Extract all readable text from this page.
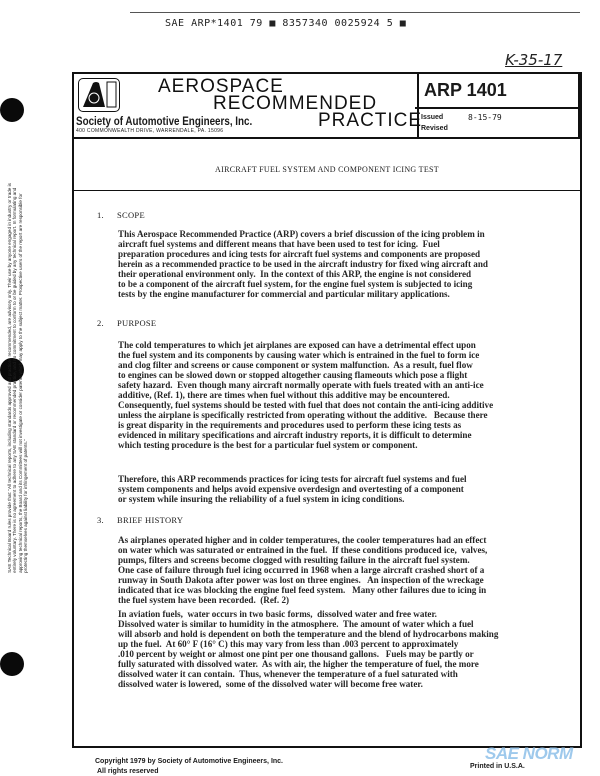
SAE ARP*1401 79 ■ 8357340 0025924 5 ■
K-35-17
AEROSPACE
RECOMMENDED
PRACTICE
Society of Automotive Engineers, Inc.
400 COMMONWEALTH DRIVE, WARRENDALE, PA. 15096
ARP 1401
Issued	8-15-79
Revised
AIRCRAFT FUEL SYSTEM AND COMPONENT ICING TEST
1. SCOPE
This Aerospace Recommended Practice (ARP) covers a brief discussion of the icing problem in
aircraft fuel systems and different means that have been used to test for icing.  Fuel
preparation procedures and icing tests for aircraft fuel systems and components are proposed
herein as a recommended practice to be used in the aircraft industry for fixed wing aircraft and
their operational environment only.  In the context of this ARP, the engine is not considered
to be a component of the aircraft fuel system, for the engine fuel system is subjected to icing
tests by the engine manufacturer for commercial and particular military applications.
2. PURPOSE
The cold temperatures to which jet airplanes are exposed can have a detrimental effect upon
the fuel system and its components by causing water which is entrained in the fuel to form ice
and clog filter and screens or cause component or system malfunction.  As a result, fuel flow
to engines can be slowed down or stopped altogether causing flameouts which pose a flight
safety hazard.  Even though many aircraft normally operate with fuels treated with an anti-ice
additive, (Ref. 1), there are times when fuel without this additive may be encountered.
Consequently, fuel systems should be tested with fuel that does not contain the anti-icing additive
unless the airplane is specifically restricted from operating without the additive.   Because there
is great disparity in the requirements and procedures used to perform these icing tests as
evidenced in military specifications and aircraft industry reports, it is difficult to determine
which testing procedure is the best for a particular fuel system or component.
Therefore, this ARP recommends practices for icing tests for aircraft fuel systems and fuel
system components and helps avoid expensive overdesign and overtesting of a component
or system while insuring the reliability of a fuel system in icing conditions.
3. BRIEF HISTORY
As airplanes operated higher and in colder temperatures, the cooler temperatures had an effect
on water which was saturated or entrained in the fuel.  If these conditions produced ice,  valves,
pumps, filters and screens become clogged with resulting failure in the aircraft fuel system.
One case of failure through fuel icing occurred in 1968 when a large aircraft crashed short of a
runway in South Dakota after power was lost on three engines.   An inspection of the wreckage
indicated that ice was blocking the engine fuel feed system.   Many other failures due to icing in
the fuel system have been recorded.  (Ref. 2)
In aviation fuels,  water occurs in two basic forms,  dissolved water and free water.
Dissolved water is similar to humidity in the atmosphere.  The amount of water which a fuel
will absorb and hold is dependent on both the temperature and the blend of hydrocarbons making
up the fuel.  At 60° F (16° C) this may vary from less than .003 percent to approximately
.010 percent by weight or almost one pint per one thousand gallons.   Fuels may be partly or
fully saturated with dissolved water.  As with air, the higher the temperature of fuel, the more
dissolved water it can contain.  Thus, whenever the temperature of a fuel saturated with
dissolved water is lowered,  some of the dissolved water will become free water.
SAE Technical Board rules provide that: "All technical reports, including standards approved and practices recommended, are advisory only. Their use by anyone engaged in industry or trade is entirely voluntary. There is no agreement to adhere to any SAE standard or recommended practice, and no commitment to conform to or be guided by any technical report. In formulating and approving technical reports, the Board and its Committees will not investigate or consider patents which may apply to the subject matter. Prospective users of the report are responsible for protecting themselves against liability for infringement of patents."
Copyright 1979 by Society of Automotive Engineers, Inc.
All rights reserved
Printed in U.S.A.
SAE NORM
